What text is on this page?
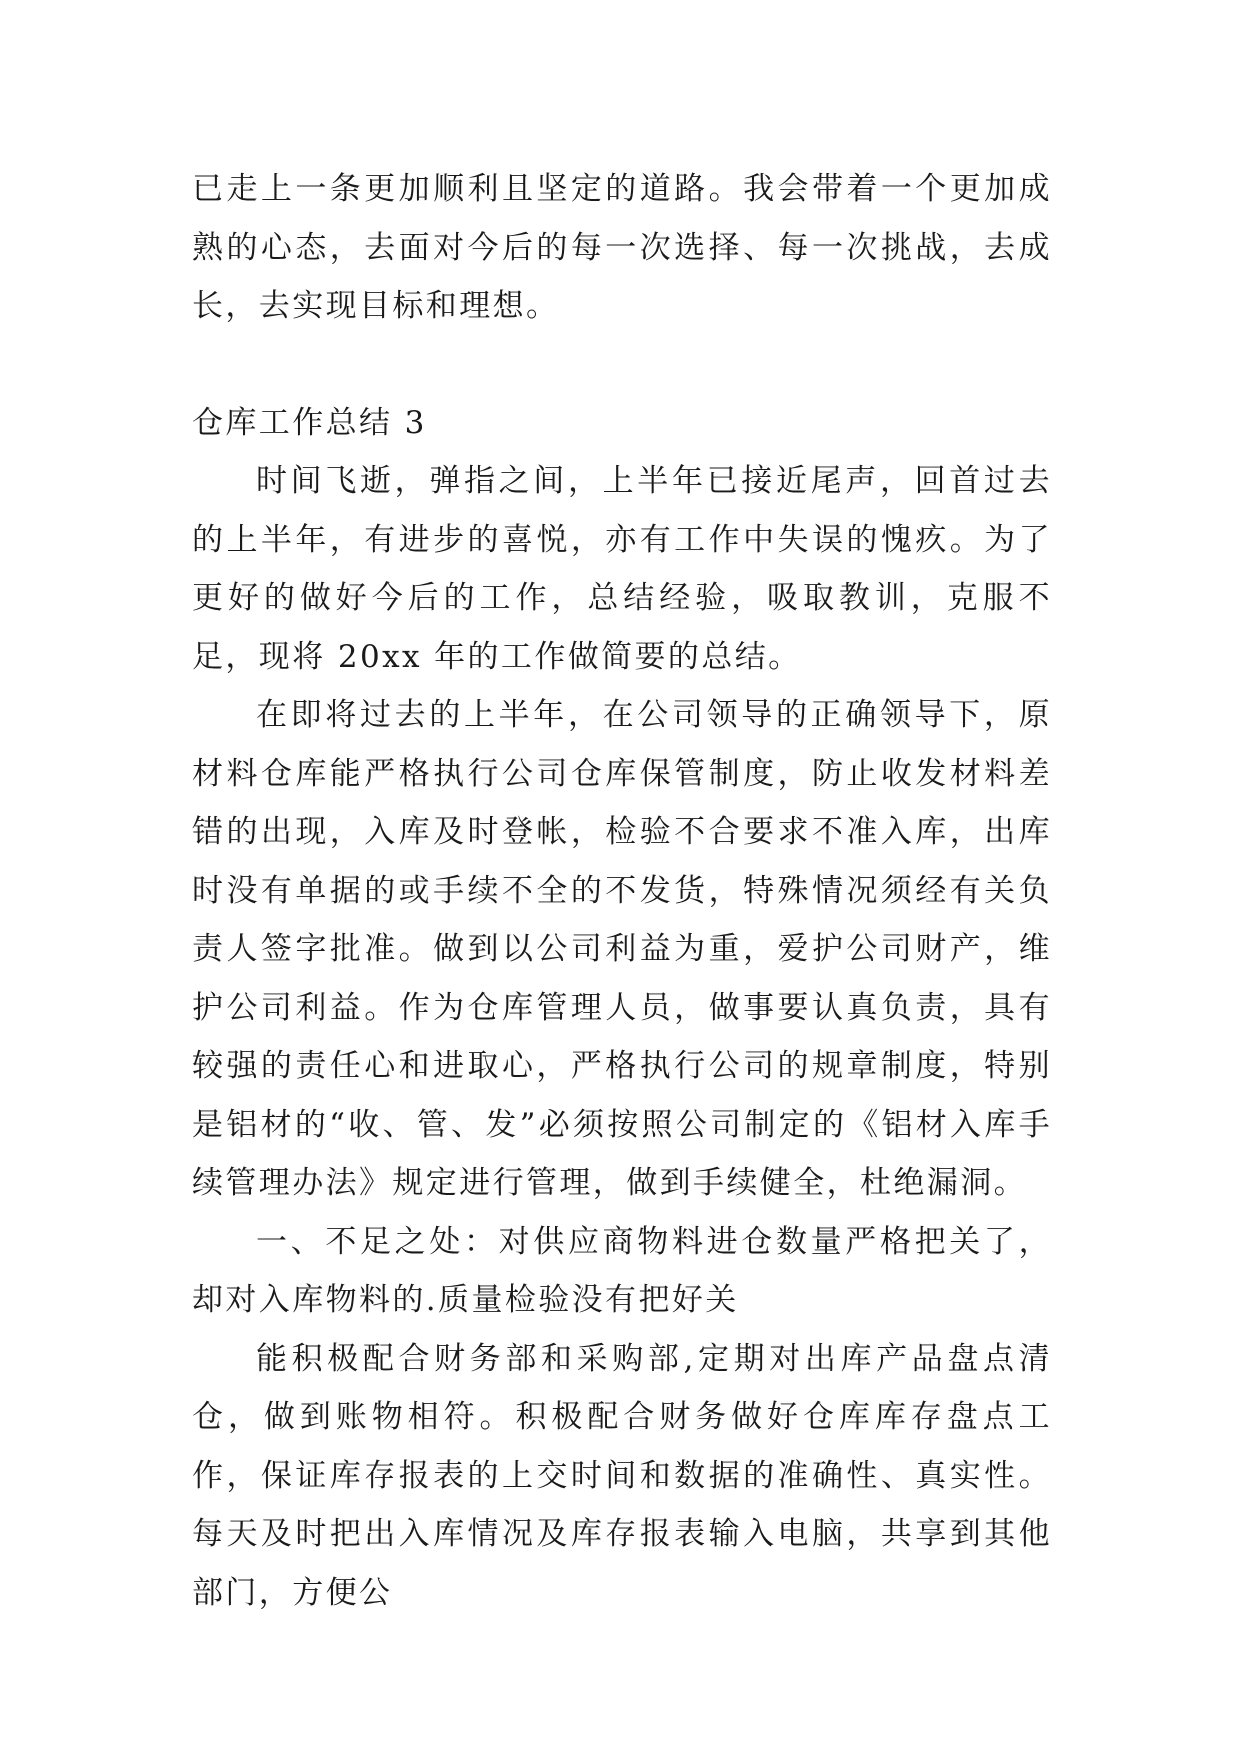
已走上一条更加顺利且坚定的道路。我会带着一个更加成熟的心态，去面对今后的每一次选择、每一次挑战，去成长，去实现目标和理想。

仓库工作总结 3

时间飞逝，弹指之间，上半年已接近尾声，回首过去的上半年，有进步的喜悦，亦有工作中失误的愧疚。为了更好的做好今后的工作，总结经验，吸取教训，克服不足，现将 20xx 年的工作做简要的总结。

在即将过去的上半年，在公司领导的正确领导下，原材料仓库能严格执行公司仓库保管制度，防止收发材料差错的出现，入库及时登帐，检验不合要求不准入库，出库时没有单据的或手续不全的不发货，特殊情况须经有关负责人签字批准。做到以公司利益为重，爱护公司财产，维护公司利益。作为仓库管理人员，做事要认真负责，具有较强的责任心和进取心，严格执行公司的规章制度，特别是铝材的“收、管、发”必须按照公司制定的《铝材入库手续管理办法》规定进行管理，做到手续健全，杜绝漏洞。

一、不足之处：对供应商物料进仓数量严格把关了，却对入库物料的.质量检验没有把好关

能积极配合财务部和采购部,定期对出库产品盘点清仓，做到账物相符。积极配合财务做好仓库库存盘点工作，保证库存报表的上交时间和数据的准确性、真实性。每天及时把出入库情况及库存报表输入电脑，共享到其他部门，方便公
